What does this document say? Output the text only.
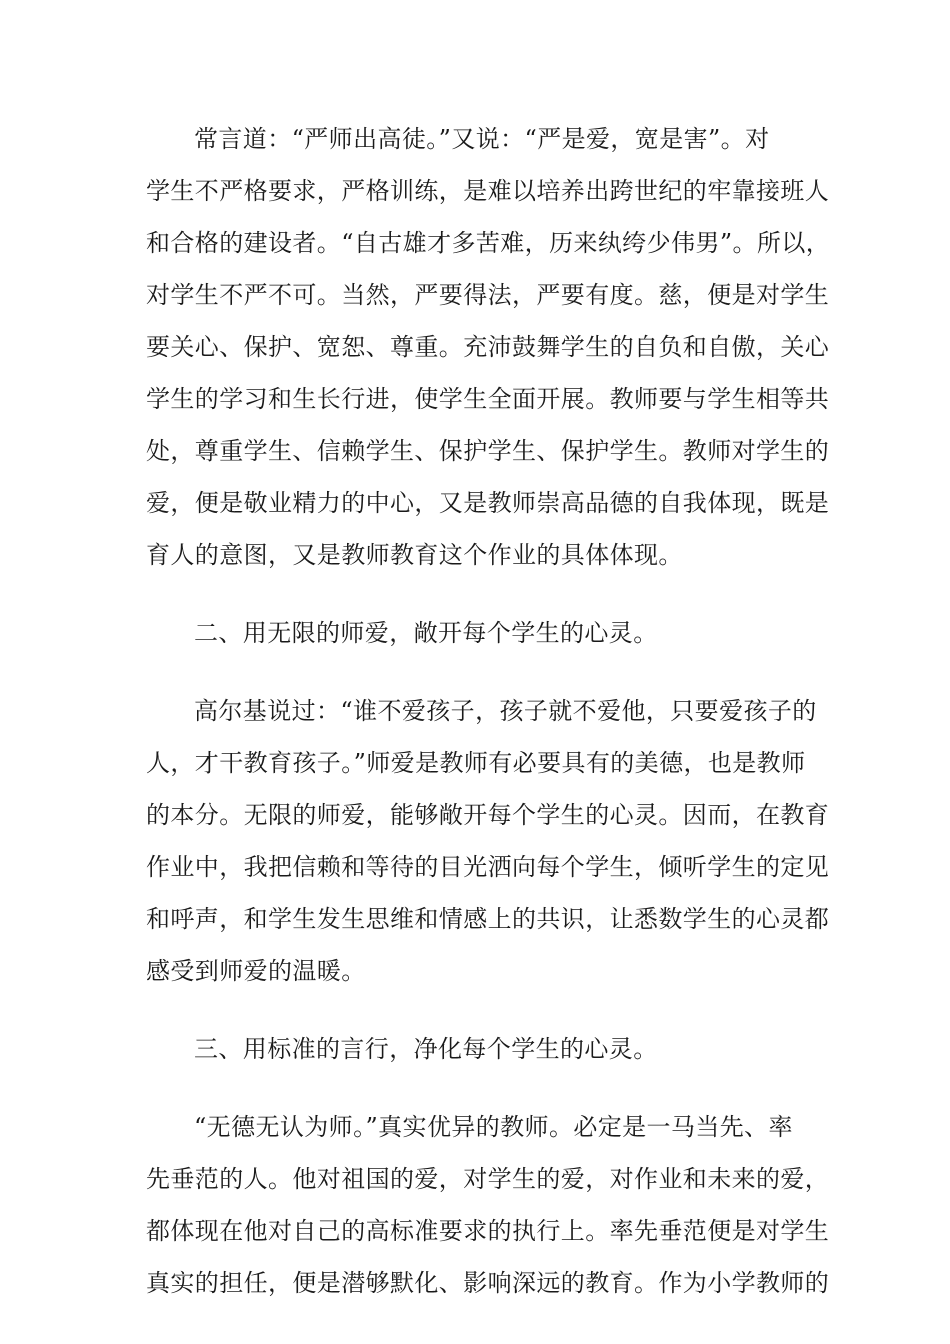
常言道：“严师出高徒。”又说：“严是爱，宽是害”。对
学生不严格要求，严格训练，是难以培养出跨世纪的牢靠接班人
和合格的建设者。“自古雄才多苦难，历来纨绔少伟男”。所以，
对学生不严不可。当然，严要得法，严要有度。慈，便是对学生
要关心、保护、宽恕、尊重。充沛鼓舞学生的自负和自傲，关心
学生的学习和生长行进，使学生全面开展。教师要与学生相等共
处，尊重学生、信赖学生、保护学生、保护学生。教师对学生的
爱，便是敬业精力的中心，又是教师崇高品德的自我体现，既是
育人的意图，又是教师教育这个作业的具体体现。
二、用无限的师爱，敞开每个学生的心灵。
高尔基说过：“谁不爱孩子，孩子就不爱他，只要爱孩子的
人，才干教育孩子。”师爱是教师有必要具有的美德，也是教师
的本分。无限的师爱，能够敞开每个学生的心灵。因而，在教育
作业中，我把信赖和等待的目光洒向每个学生，倾听学生的定见
和呼声，和学生发生思维和情感上的共识，让悉数学生的心灵都
感受到师爱的温暖。
三、用标准的言行，净化每个学生的心灵。
“无德无认为师。”真实优异的教师。必定是一马当先、率
先垂范的人。他对祖国的爱，对学生的爱，对作业和未来的爱，
都体现在他对自己的高标准要求的执行上。率先垂范便是对学生
真实的担任，便是潜够默化、影响深远的教育。作为小学教师的
